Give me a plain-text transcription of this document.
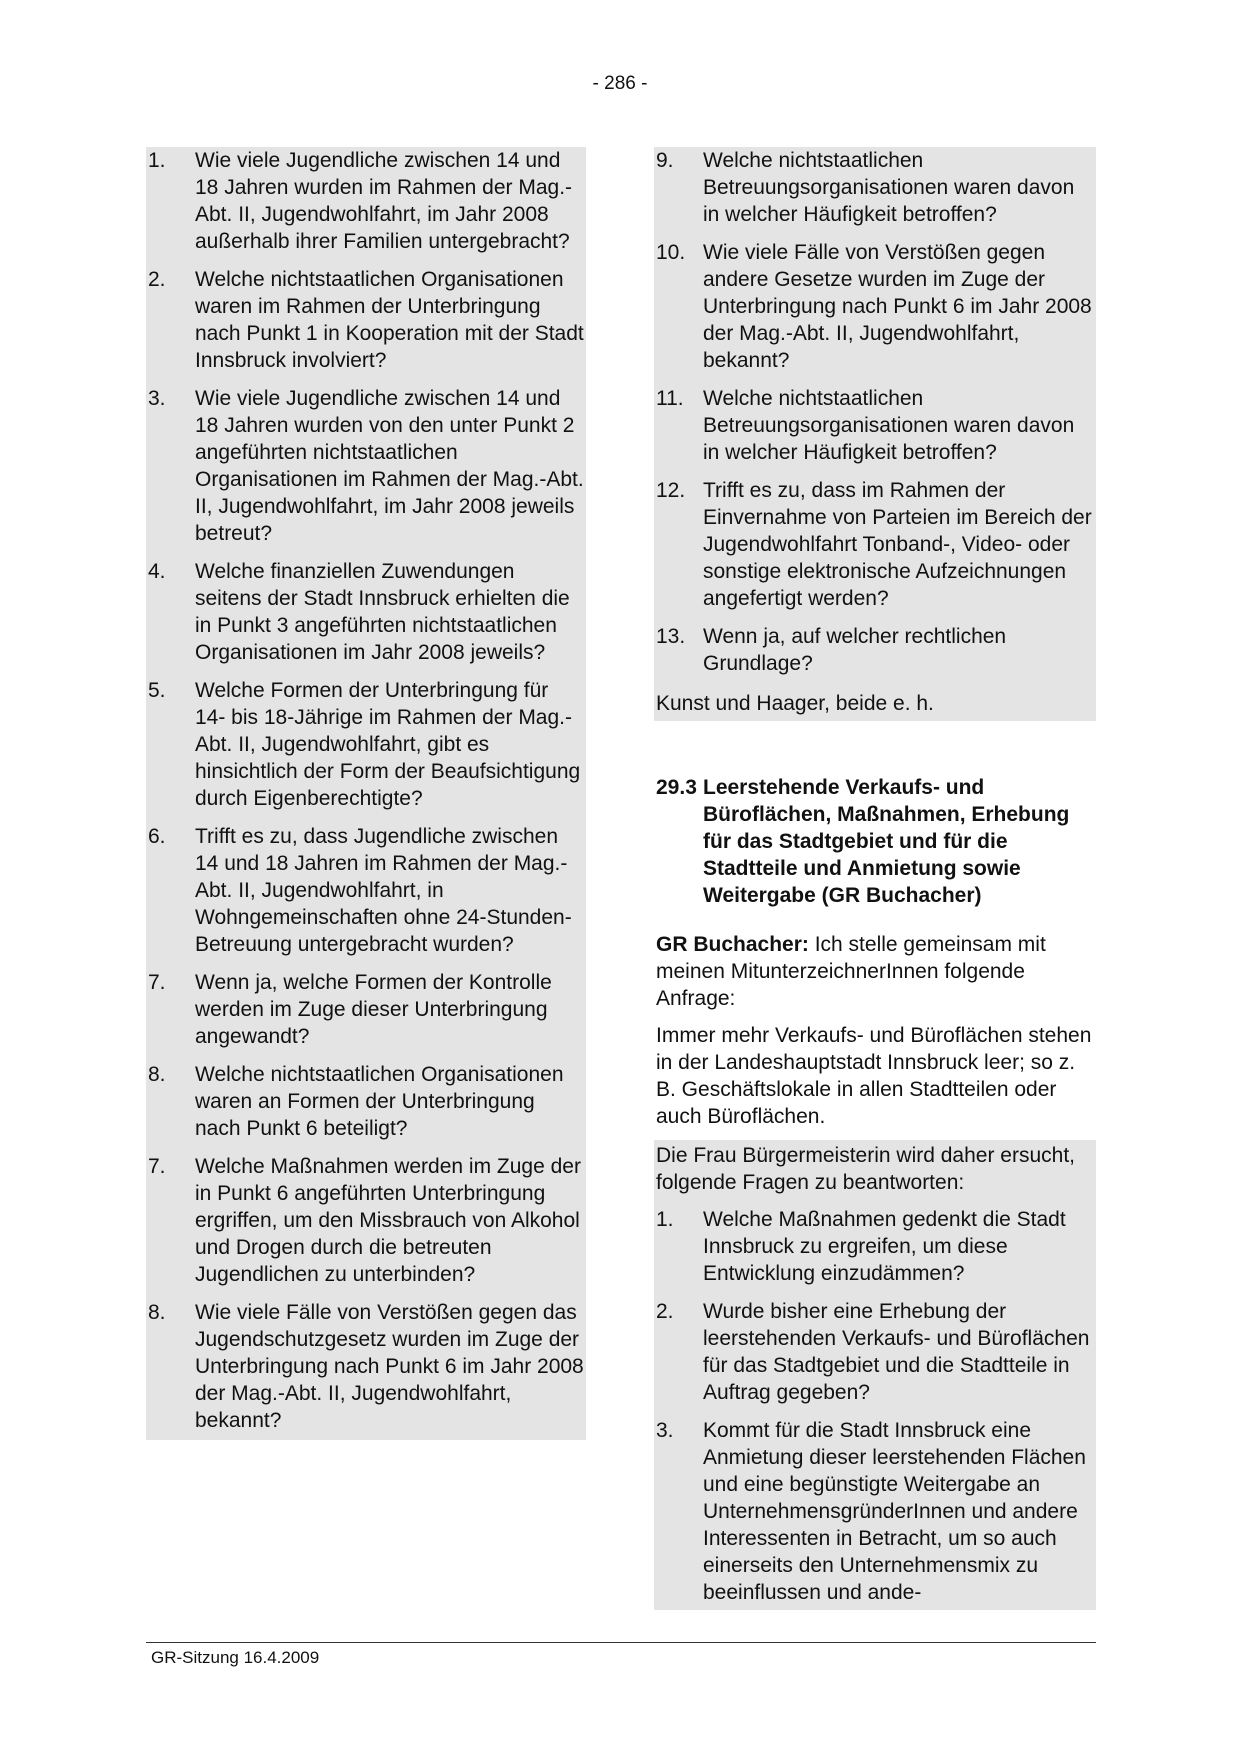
- 286 -
1.	Wie viele Jugendliche zwischen 14 und 18 Jahren wurden im Rahmen der Mag.-Abt. II, Jugendwohlfahrt, im Jahr 2008 außerhalb ihrer Familien untergebracht?
2.	Welche nichtstaatlichen Organisationen waren im Rahmen der Unterbringung nach Punkt 1 in Kooperation mit der Stadt Innsbruck involviert?
3.	Wie viele Jugendliche zwischen 14 und 18 Jahren wurden von den unter Punkt 2 angeführten nichtstaatlichen Organisationen im Rahmen der Mag.-Abt. II, Jugendwohlfahrt, im Jahr 2008 jeweils betreut?
4.	Welche finanziellen Zuwendungen seitens der Stadt Innsbruck erhielten die in Punkt 3 angeführten nichtstaatlichen Organisationen im Jahr 2008 jeweils?
5.	Welche Formen der Unterbringung für 14- bis 18-Jährige im Rahmen der Mag.-Abt. II, Jugendwohlfahrt, gibt es hinsichtlich der Form der Beaufsichtigung durch Eigenberechtigte?
6.	Trifft es zu, dass Jugendliche zwischen 14 und 18 Jahren im Rahmen der Mag.-Abt. II, Jugendwohlfahrt, in Wohngemeinschaften ohne 24-Stunden-Betreuung untergebracht wurden?
7.	Wenn ja, welche Formen der Kontrolle werden im Zuge dieser Unterbringung angewandt?
8.	Welche nichtstaatlichen Organisationen waren an Formen der Unterbringung nach Punkt 6 beteiligt?
7.	Welche Maßnahmen werden im Zuge der in Punkt 6 angeführten Unterbringung ergriffen, um den Missbrauch von Alkohol und Drogen durch die betreuten Jugendlichen zu unterbinden?
8.	Wie viele Fälle von Verstößen gegen das Jugendschutzgesetz wurden im Zuge der Unterbringung nach Punkt 6 im Jahr 2008 der Mag.-Abt. II, Jugendwohlfahrt, bekannt?
9.	Welche nichtstaatlichen Betreuungsorganisationen waren davon in welcher Häufigkeit betroffen?
10. Wie viele Fälle von Verstößen gegen andere Gesetze wurden im Zuge der Unterbringung nach Punkt 6 im Jahr 2008 der Mag.-Abt. II, Jugendwohlfahrt, bekannt?
11. Welche nichtstaatlichen Betreuungsorganisationen waren davon in welcher Häufigkeit betroffen?
12. Trifft es zu, dass im Rahmen der Einvernahme von Parteien im Bereich der Jugendwohlfahrt Tonband-, Video- oder sonstige elektronische Aufzeichnungen angefertigt werden?
13. Wenn ja, auf welcher rechtlichen Grundlage?
Kunst und Haager, beide e. h.
29.3 Leerstehende Verkaufs- und Büroflächen, Maßnahmen, Erhebung für das Stadtgebiet und für die Stadtteile und Anmietung sowie Weitergabe (GR Buchacher)

GR Buchacher: Ich stelle gemeinsam mit meinen MitunterzeichnerInnen folgende Anfrage:

Immer mehr Verkaufs- und Büroflächen stehen in der Landeshauptstadt Innsbruck leer; so z. B. Geschäftslokale in allen Stadtteilen oder auch Büroflächen.

Die Frau Bürgermeisterin wird daher ersucht, folgende Fragen zu beantworten:

1.	Welche Maßnahmen gedenkt die Stadt Innsbruck zu ergreifen, um diese Entwicklung einzudämmen?
2.	Wurde bisher eine Erhebung der leerstehenden Verkaufs- und Büroflächen für das Stadtgebiet und die Stadtteile in Auftrag gegeben?
3.	Kommt für die Stadt Innsbruck eine Anmietung dieser leerstehenden Flächen und eine begünstigte Weitergabe an UnternehmensgründerInnen und andere Interessenten in Betracht, um so auch einerseits den Unternehmensmix zu beeinflussen und ande-
GR-Sitzung 16.4.2009
